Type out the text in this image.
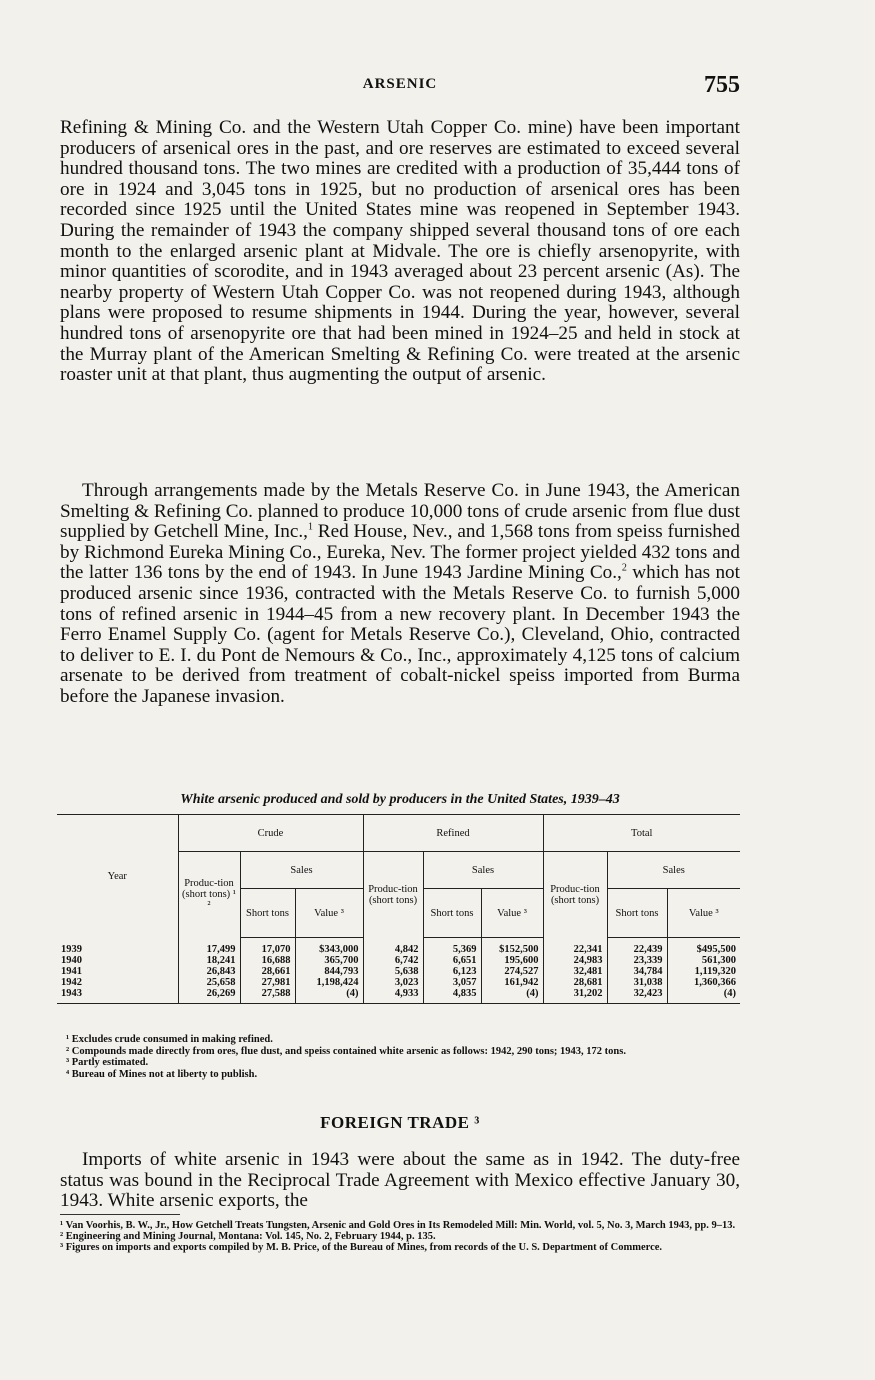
ARSENIC	755

Refining & Mining Co. and the Western Utah Copper Co. mine) have been important producers of arsenical ores in the past, and ore reserves are estimated to exceed several hundred thousand tons. The two mines are credited with a production of 35,444 tons of ore in 1924 and 3,045 tons in 1925, but no production of arsenical ores has been recorded since 1925 until the United States mine was reopened in September 1943. During the remainder of 1943 the company shipped several thousand tons of ore each month to the enlarged arsenic plant at Midvale. The ore is chiefly arsenopyrite, with minor quantities of scorodite, and in 1943 averaged about 23 percent arsenic (As). The nearby property of Western Utah Copper Co. was not reopened during 1943, although plans were proposed to resume shipments in 1944. During the year, however, several hundred tons of arsenopyrite ore that had been mined in 1924–25 and held in stock at the Murray plant of the American Smelting & Refining Co. were treated at the arsenic roaster unit at that plant, thus augmenting the output of arsenic.

Through arrangements made by the Metals Reserve Co. in June 1943, the American Smelting & Refining Co. planned to produce 10,000 tons of crude arsenic from flue dust supplied by Getchell Mine, Inc.,$^1$ Red House, Nev., and 1,568 tons from speiss furnished by Richmond Eureka Mining Co., Eureka, Nev. The former project yielded 432 tons and the latter 136 tons by the end of 1943. In June 1943 Jardine Mining Co.,$^2$ which has not produced arsenic since 1936, contracted with the Metals Reserve Co. to furnish 5,000 tons of refined arsenic in 1944–45 from a new recovery plant. In December 1943 the Ferro Enamel Supply Co. (agent for Metals Reserve Co.), Cleveland, Ohio, contracted to deliver to E. I. du Pont de Nemours & Co., Inc., approximately 4,125 tons of calcium arsenate to be derived from treatment of cobalt-nickel speiss imported from Burma before the Japanese invasion.

White arsenic produced and sold by producers in the United States, 1939–43
Year	Crude			Refined			Total		
	Produc-tion (short tons) ¹ ²	Sales		Produc-tion (short tons)	Sales		Produc-tion (short tons)	Sales	
		Short tons	Value ³		Short tons	Value ³		Short tons	Value ³
1939	17,499	17,070	$343,000	4,842	5,369	$152,500	22,341	22,439	$495,500
1940	18,241	16,688	365,700	6,742	6,651	195,600	24,983	23,339	561,300
1941	26,843	28,661	844,793	5,638	6,123	274,527	32,481	34,784	1,119,320
1942	25,658	27,981	1,198,424	3,023	3,057	161,942	28,681	31,038	1,360,366
1943	26,269	27,588	(4)	4,933	4,835	(4)	31,202	32,423	(4)

¹ Excludes crude consumed in making refined.

² Compounds made directly from ores, flue dust, and speiss contained white arsenic as follows: 1942, 290 tons; 1943, 172 tons.

³ Partly estimated.

⁴ Bureau of Mines not at liberty to publish.

FOREIGN TRADE ³

Imports of white arsenic in 1943 were about the same as in 1942. The duty-free status was bound in the Reciprocal Trade Agreement with Mexico effective January 30, 1943. White arsenic exports, the

¹ Van Voorhis, B. W., Jr., How Getchell Treats Tungsten, Arsenic and Gold Ores in Its Remodeled Mill: Min. World, vol. 5, No. 3, March 1943, pp. 9–13.

² Engineering and Mining Journal, Montana: Vol. 145, No. 2, February 1944, p. 135.

³ Figures on imports and exports compiled by M. B. Price, of the Bureau of Mines, from records of the U. S. Department of Commerce.
